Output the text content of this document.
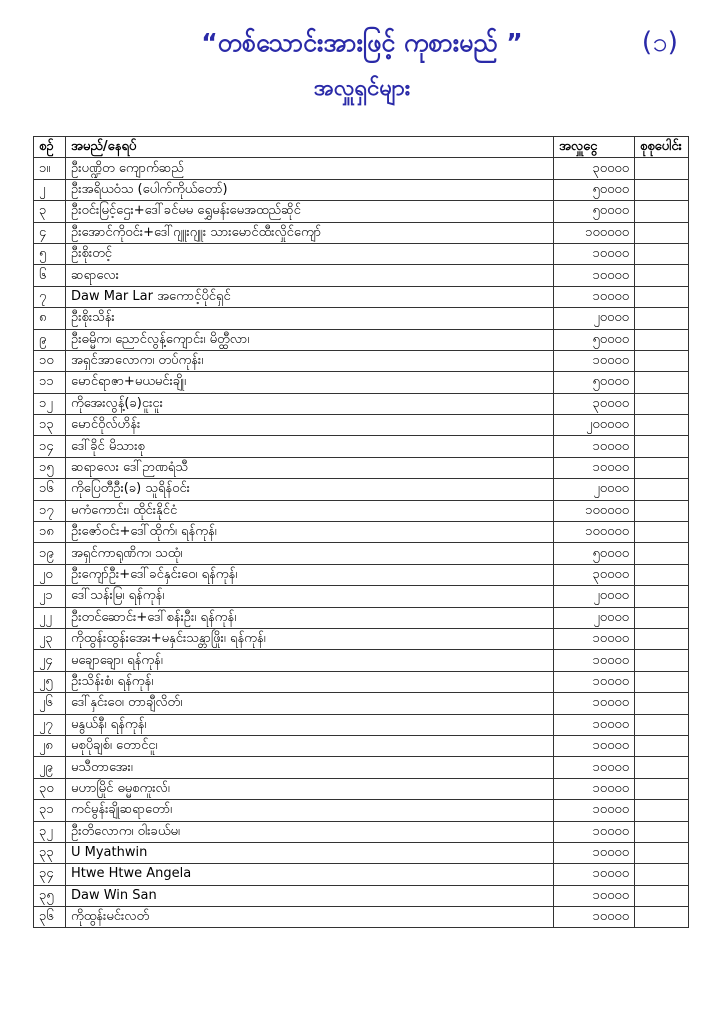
“တစ်သောင်းအားဖြင့် ကုစားမည် ”	(၁)
အလှူရှင်များ
စဉ်	အမည်/နေရပ်	အလှူငွေ	စုစုပေါင်း
၁။	ဦးပဏ္ဍိတ ကျောက်ဆည်	၃၀၀၀၀	
၂	ဦးအရိယဝံသ (ပေါက်ကိုယ်တော်)	၅၀၀၀၀	
၃	ဦးဝင်းမြင့်ဌေး+ဒေါ်ခင်မမ ရွှေမန်းမေအထည်ဆိုင်	၅၀၀၀၀	
၄	ဦးအောင်ကိုဝင်း+ဒေါ်ဂျူးဂျူး သားမောင်ထီးလှိုင်ကျော်	၁၀၀၀၀၀	
၅	ဦးစိုးတင့်	၁၀၀၀၀	
၆	ဆရာလေး	၁၀၀၀၀	
၇	Daw Mar Lar အကောင့်ပိုင်ရှင်	၁၀၀၀၀	
၈	ဦးစိုးသိန်း	၂၀၀၀၀	
၉	ဦးဓမ္မိက၊ ညောင်လွန့်ကျောင်း၊ မိတ္ထီလာ၊	၅၀၀၀၀	
၁၀	အရှင်အာလောက၊ တပ်ကုန်း၊	၁၀၀၀၀	
၁၁	မောင်ရာဇာ+မယမင်းချို၊	၅၀၀၀၀	
၁၂	ကိုအေးလွန့်(ခ)ငူးငူး	၃၀၀၀၀	
၁၃	မောင်ဝိုလ်ဟိန်း	၂၀၀၀၀၀	
၁၄	ဒေါ်ခိုင် မိသားစု	၁၀၀၀၀	
၁၅	ဆရာလေး ဒေါ်ဉာဏရံသီ	၁၀၀၀၀	
၁၆	ကိုပြေတီဦး(ခ) သူရိန်ဝင်း	၂၀၀၀၀	
၁၇	မကံကောင်း၊ ထိုင်းနိုင်ငံ	၁၀၀၀၀၀	
၁၈	ဦးဇော်ဝင်း+ဒေါ်ထိုက်၊ ရန်ကုန်၊	၁၀၀၀၀၀	
၁၉	အရှင်ကာရုဏိက၊ သထုံ၊	၅၀၀၀၀	
၂၀	ဦးကျော်ဦး+ဒေါ်ခင်နှင်းဝေ၊ ရန်ကုန်၊	၃၀၀၀၀	
၂၁	ဒေါ်သန်းမြ၊ ရန်ကုန်၊	၂၀၀၀၀	
၂၂	ဦးတင်ဆောင်း+ဒေါ်စန်းဦး၊ ရန်ကုန်၊	၂၀၀၀၀	
၂၃	ကိုထွန်းထွန်းအေး+မနှင်းသန္တာဖြိုး၊ ရန်ကုန်၊	၁၀၀၀၀	
၂၄	မချောချော၊ ရန်ကုန်၊	၁၀၀၀၀	
၂၅	ဦးသိန်းစံ၊ ရန်ကုန်၊	၁၀၀၀၀	
၂၆	ဒေါ်နှင်းဝေ၊ တာချီလိတ်၊	၁၀၀၀၀	
၂၇	မနွယ်နီ၊ ရန်ကုန်၊	၁၀၀၀၀	
၂၈	မစုပိုချစ်၊ တောင်ငူ၊	၁၀၀၀၀	
၂၉	မသီတာအေး၊	၁၀၀၀၀	
၃၀	မဟာမြိုင် ဓမ္မစကူးလ်၊	၁၀၀၀၀	
၃၁	ကင်မွန်းချိုဆရာတော်၊	၁၀၀၀၀	
၃၂	ဦးတိလောက၊ ဝါးခယ်မ၊	၁၀၀၀၀	
၃၃	U Myathwin	၁၀၀၀၀	
၃၄	Htwe Htwe Angela	၁၀၀၀၀	
၃၅	Daw Win San	၁၀၀၀၀	
၃၆	ကိုထွန်းမင်းလတ်	၁၀၀၀၀	
